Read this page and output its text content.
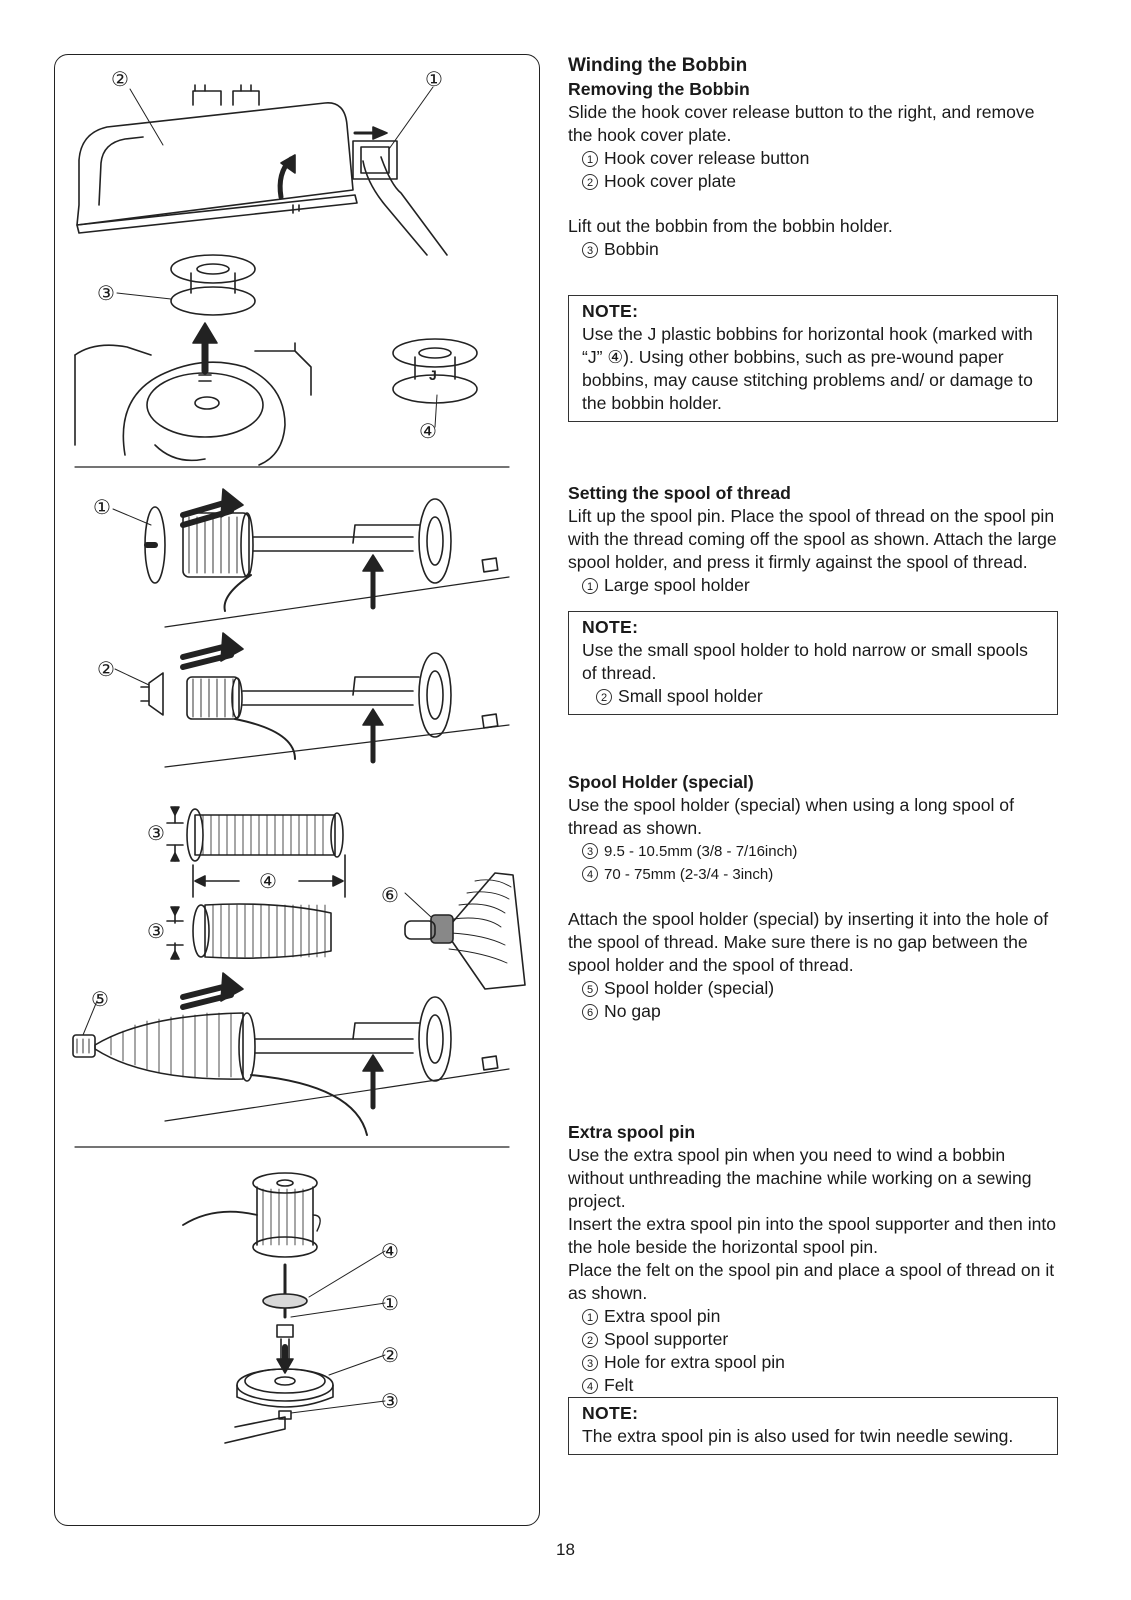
J
②	①
③
④
①
②
③
④
⑥
③
⑤
④
①
②
③

Winding the Bobbin

Removing the Bobbin

Slide the hook cover release button to the right, and remove the hook cover plate.

1 Hook cover release button

2 Hook cover plate

Lift out the bobbin from the bobbin holder.

3 Bobbin

NOTE:

Use the J plastic bobbins for horizontal hook (marked with “J” ④). Using other bobbins, such as pre-wound paper bobbins, may cause stitching problems and/ or damage to the bobbin holder.

Setting the spool of thread

Lift up the spool pin. Place the spool of thread on the spool pin with the thread coming off the spool as shown. Attach the large spool holder, and press it firmly against the spool of thread.

1 Large spool holder

NOTE:

Use the small spool holder to hold narrow or small spools of thread.

2 Small spool holder

Spool Holder (special)

Use the spool holder (special) when using a long spool of thread as shown.

3 9.5 - 10.5mm (3/8 - 7/16inch)

4 70 - 75mm (2-3/4 - 3inch)

Attach the spool holder (special) by inserting it into the hole of the spool of thread. Make sure there is no gap between the spool holder and the spool of thread.

5 Spool holder (special)

6 No gap

Extra spool pin

Use the extra spool pin when you need to wind a bobbin without unthreading the machine while working on a sewing project.

Insert the extra spool pin into the spool supporter and then into the hole beside the horizontal spool pin.

Place the felt on the spool pin and place a spool of thread on it as shown.

1 Extra spool pin

2 Spool supporter

3 Hole for extra spool pin

4 Felt

NOTE:

The extra spool pin is also used for twin needle sewing.

18
